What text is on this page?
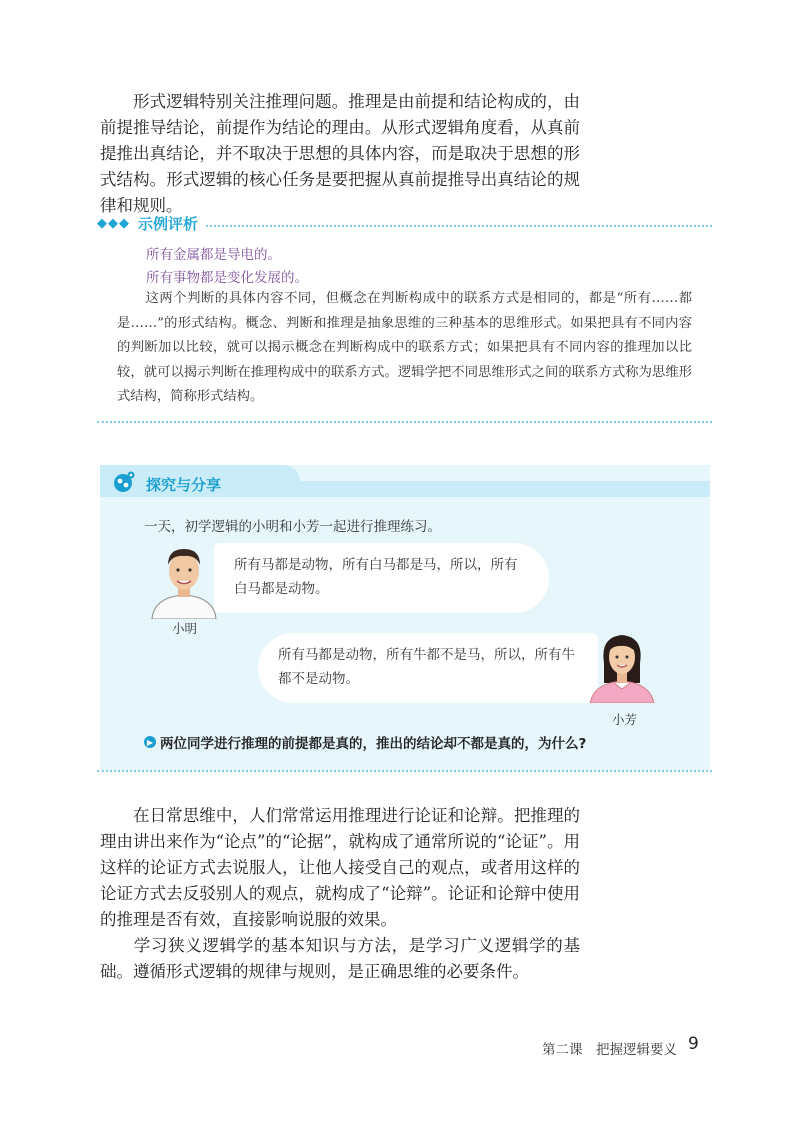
形式逻辑特别关注推理问题。推理是由前提和结论构成的，由前提推导结论，前提作为结论的理由。从形式逻辑角度看，从真前提推出真结论，并不取决于思想的具体内容，而是取决于思想的形式结构。形式逻辑的核心任务是要把握从真前提推导出真结论的规律和规则。

◆◆◆ 示例评析

所有金属都是导电的。

所有事物都是变化发展的。

这两个判断的具体内容不同，但概念在判断构成中的联系方式是相同的，都是“所有……都是……”的形式结构。概念、判断和推理是抽象思维的三种基本的思维形式。如果把具有不同内容的判断加以比较，就可以揭示概念在判断构成中的联系方式；如果把具有不同内容的推理加以比较，就可以揭示判断在推理构成中的联系方式。逻辑学把不同思维形式之间的联系方式称为思维形式结构，简称形式结构。

探究与分享

一天，初学逻辑的小明和小芳一起进行推理练习。

小明
所有马都是动物，所有白马都是马，所以，所有白马都是动物。
所有马都是动物，所有牛都不是马，所以，所有牛都不是动物。
小芳
▶ 两位同学进行推理的前提都是真的，推出的结论却不都是真的，为什么?

在日常思维中，人们常常运用推理进行论证和论辩。把推理的理由讲出来作为“论点”的“论据”，就构成了通常所说的“论证”。用这样的论证方式去说服人，让他人接受自己的观点，或者用这样的论证方式去反驳别人的观点，就构成了“论辩”。论证和论辩中使用的推理是否有效，直接影响说服的效果。

学习狭义逻辑学的基本知识与方法，是学习广义逻辑学的基础。遵循形式逻辑的规律与规则，是正确思维的必要条件。

第二课　把握逻辑要义 9
